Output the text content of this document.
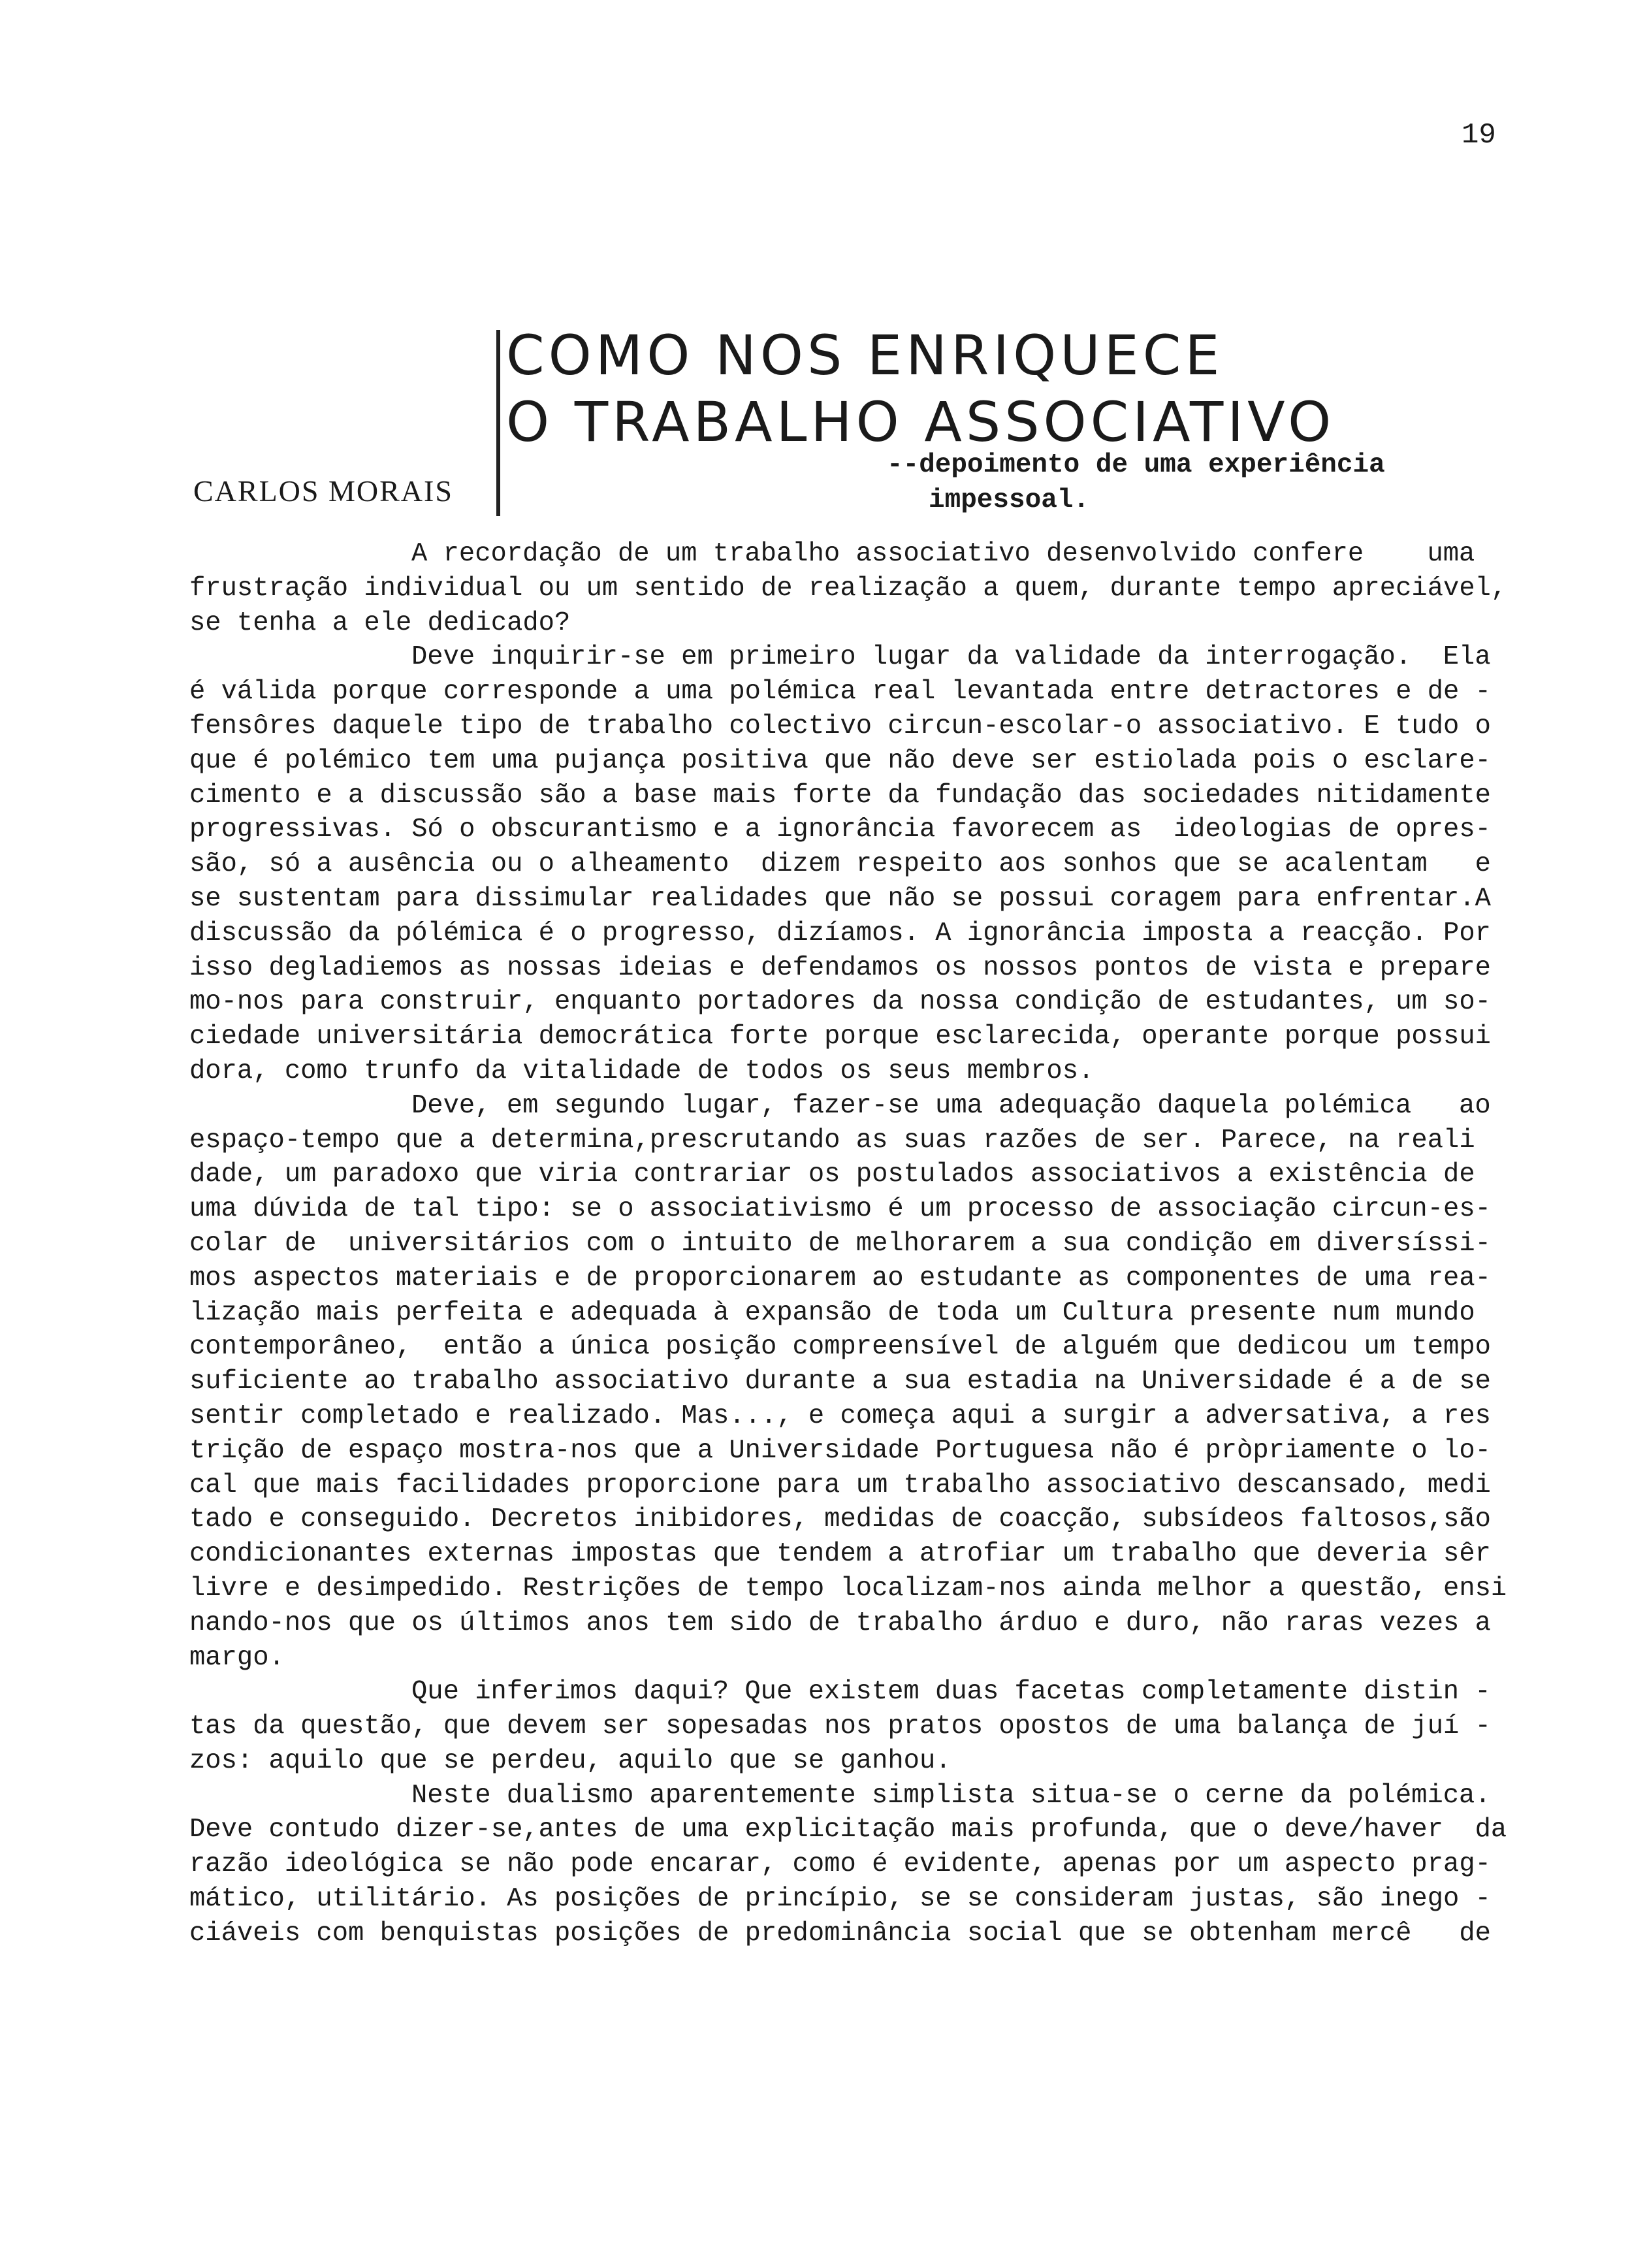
19
COMO NOS ENRIQUECE
O TRABALHO ASSOCIATIVO
CARLOS MORAIS
--depoimento de uma experiência
impessoal.
A recordação de um trabalho associativo desenvolvido confere    uma
frustração individual ou um sentido de realização a quem, durante tempo apreciável,
se tenha a ele dedicado?
Deve inquirir-se em primeiro lugar da validade da interrogação.  Ela
é válida porque corresponde a uma polémica real levantada entre detractores e de -
fensôres daquele tipo de trabalho colectivo circun-escolar-o associativo. E tudo o
que é polémico tem uma pujança positiva que não deve ser estiolada pois o esclare-
cimento e a discussão são a base mais forte da fundação das sociedades nitidamente
progressivas. Só o obscurantismo e a ignorância favorecem as  ideologias de opres-
são, só a ausência ou o alheamento  dizem respeito aos sonhos que se acalentam   e
se sustentam para dissimular realidades que não se possui coragem para enfrentar.A
discussão da pólémica é o progresso, dizíamos. A ignorância imposta a reacção. Por
isso degladiemos as nossas ideias e defendamos os nossos pontos de vista e prepare
mo-nos para construir, enquanto portadores da nossa condição de estudantes, um so-
ciedade universitária democrática forte porque esclarecida, operante porque possui
dora, como trunfo da vitalidade de todos os seus membros.
Deve, em segundo lugar, fazer-se uma adequação daquela polémica   ao
espaço-tempo que a determina,prescrutando as suas razões de ser. Parece, na reali
dade, um paradoxo que viria contrariar os postulados associativos a existência de
uma dúvida de tal tipo: se o associativismo é um processo de associação circun-es-
colar de  universitários com o intuito de melhorarem a sua condição em diversíssi-
mos aspectos materiais e de proporcionarem ao estudante as componentes de uma rea-
lização mais perfeita e adequada à expansão de toda um Cultura presente num mundo
contemporâneo,  então a única posição compreensível de alguém que dedicou um tempo
suficiente ao trabalho associativo durante a sua estadia na Universidade é a de se
sentir completado e realizado. Mas..., e começa aqui a surgir a adversativa, a res
trição de espaço mostra-nos que a Universidade Portuguesa não é pròpriamente o lo-
cal que mais facilidades proporcione para um trabalho associativo descansado, medi
tado e conseguido. Decretos inibidores, medidas de coacção, subsídeos faltosos,são
condicionantes externas impostas que tendem a atrofiar um trabalho que deveria sêr
livre e desimpedido. Restrições de tempo localizam-nos ainda melhor a questão, ensi
nando-nos que os últimos anos tem sido de trabalho árduo e duro, não raras vezes a
margo.
Que inferimos daqui? Que existem duas facetas completamente distin -
tas da questão, que devem ser sopesadas nos pratos opostos de uma balança de juí -
zos: aquilo que se perdeu, aquilo que se ganhou.
Neste dualismo aparentemente simplista situa-se o cerne da polémica.
Deve contudo dizer-se,antes de uma explicitação mais profunda, que o deve/haver  da
razão ideológica se não pode encarar, como é evidente, apenas por um aspecto prag-
mático, utilitário. As posições de princípio, se se consideram justas, são inego -
ciáveis com benquistas posições de predominância social que se obtenham mercê   de
